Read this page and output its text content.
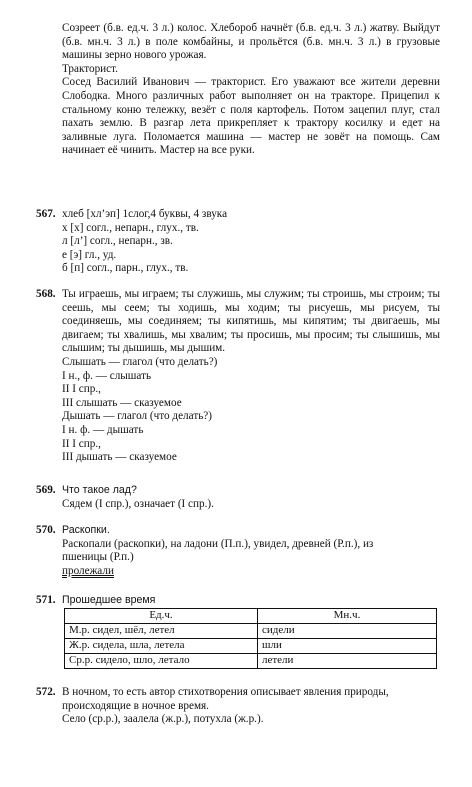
Созреет (б.в. ед.ч. 3 л.) колос. Хлебороб начнёт (б.в. ед.ч. 3 л.) жатву. Выйдут (б.в. мн.ч. 3 л.) в поле комбайны, и прольётся (б.в. мн.ч. 3 л.) в грузовые машины зерно нового урожая.
Тракторист.
Сосед Василий Иванович — тракторист. Его уважают все жители деревни Слободка. Много различных работ выполняет он на тракторе. Прицепил к стальному коню тележку, везёт с поля картофель. Потом зацепил плуг, стал пахать землю. В разгар лета прикрепляет к трактору косилку и едет на заливные луга. Поломается машина — мастер не зовёт на помощь. Сам начинает её чинить. Мастер на все руки.
567. хлеб [хл’эп] 1слог,4 буквы, 4 звука
х [х] согл., непарн., глух., тв.
л [л’] согл., непарн., зв.
е [э] гл., уд.
б [п] согл., парн., глух., тв.
568. Ты играешь, мы играем; ты служишь, мы служим; ты строишь, мы строим; ты сеешь, мы сеем; ты ходишь, мы ходим; ты рисуешь, мы рисуем, ты соединяешь, мы соединяем; ты кипятишь, мы кипятим; ты двигаешь, мы двигаем; ты хвалишь, мы хвалим; ты просишь, мы просим; ты слышишь, мы слышим; ты дышишь, мы дышим.
Слышать — глагол (что делать?)
I н., ф. — слышать
II I спр.,
III слышать — сказуемое
Дышать — глагол (что делать?)
I н. ф. — дышать
II I спр.,
III дышать — сказуемое
569. Что такое лад?
Сядем (I спр.), означает (I спр.).
570. Раскопки.
Раскопали (раскопки), на ладони (П.п.), увидел, древней (Р.п.), из
пшеницы (Р.п.)
пролежали
571. Прошедшее время
Ед.ч.	Мн.ч.
М.р. сидел, шёл, летел	сидели
Ж.р. сидела, шла, летела	шли
Ср.р. сидело, шло, летало	летели
572. В ночном, то есть автор стихотворения описывает явления природы,
происходящие в ночное время.
Село (ср.р.), заалела (ж.р.), потухла (ж.р.).
